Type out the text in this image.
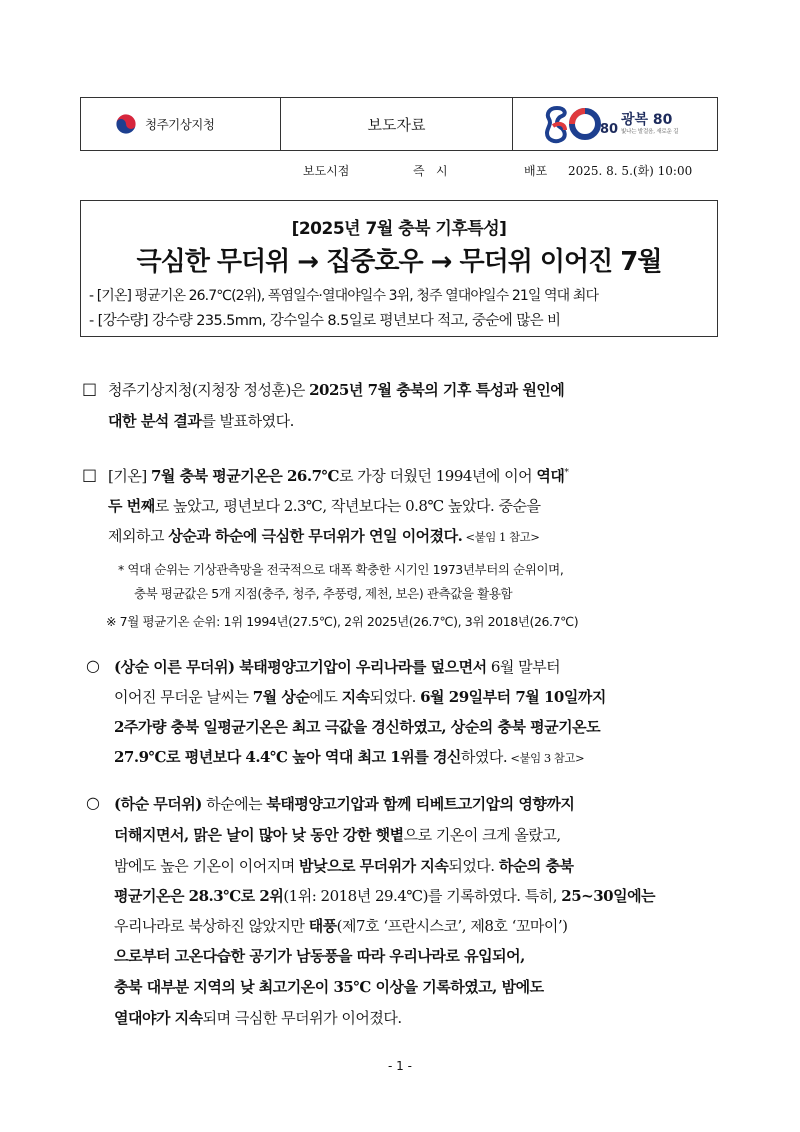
청주기상지청	보도자료	80
광복 80
빛나는 발걸음, 새로운 길
보도시점	즉   시	배포 2025. 8. 5.(화) 10:00
[2025년 7월 충북 기후특성]
극심한 무더위 → 집중호우 → 무더위 이어진 7월
- [기온] 평균기온 26.7℃(2위), 폭염일수·열대야일수 3위, 청주 열대야일수 21일 역대 최다
- [강수량] 강수량 235.5mm, 강수일수 8.5일로 평년보다 적고, 중순에 많은 비
□ 청주기상지청(지청장 정성훈)은 2025년 7월 충북의 기후 특성과 원인에
대한 분석 결과를 발표하였다.
□ [기온] 7월 충북 평균기온은 26.7℃로 가장 더웠던 1994년에 이어 역대*
두 번째로 높았고, 평년보다 2.3℃, 작년보다는 0.8℃ 높았다. 중순을
제외하고 상순과 하순에 극심한 무더위가 연일 이어졌다. <붙임 1 참고>
* 역대 순위는 기상관측망을 전국적으로 대폭 확충한 시기인 1973년부터의 순위이며,
충북 평균값은 5개 지점(충주, 청주, 추풍령, 제천, 보은) 관측값을 활용함
※ 7월 평균기온 순위: 1위 1994년(27.5℃), 2위 2025년(26.7℃), 3위 2018년(26.7℃)
○ (상순 이른 무더위) 북태평양고기압이 우리나라를 덮으면서 6월 말부터
이어진 무더운 날씨는 7월 상순에도 지속되었다. 6월 29일부터 7월 10일까지
2주가량 충북 일평균기온은 최고 극값을 경신하였고, 상순의 충북 평균기온도
27.9℃로 평년보다 4.4℃ 높아 역대 최고 1위를 경신하였다. <붙임 3 참고>
○ (하순 무더위) 하순에는 북태평양고기압과 함께 티베트고기압의 영향까지
더해지면서, 맑은 날이 많아 낮 동안 강한 햇볕으로 기온이 크게 올랐고,
밤에도 높은 기온이 이어지며 밤낮으로 무더위가 지속되었다. 하순의 충북
평균기온은 28.3℃로 2위(1위: 2018년 29.4℃)를 기록하였다. 특히, 25~30일에는
우리나라로 북상하진 않았지만 태풍(제7호 ‘프란시스코’, 제8호 ‘꼬마이’)
으로부터 고온다습한 공기가 남동풍을 따라 우리나라로 유입되어,
충북 대부분 지역의 낮 최고기온이 35℃ 이상을 기록하였고, 밤에도
열대야가 지속되며 극심한 무더위가 이어졌다.
- 1 -
